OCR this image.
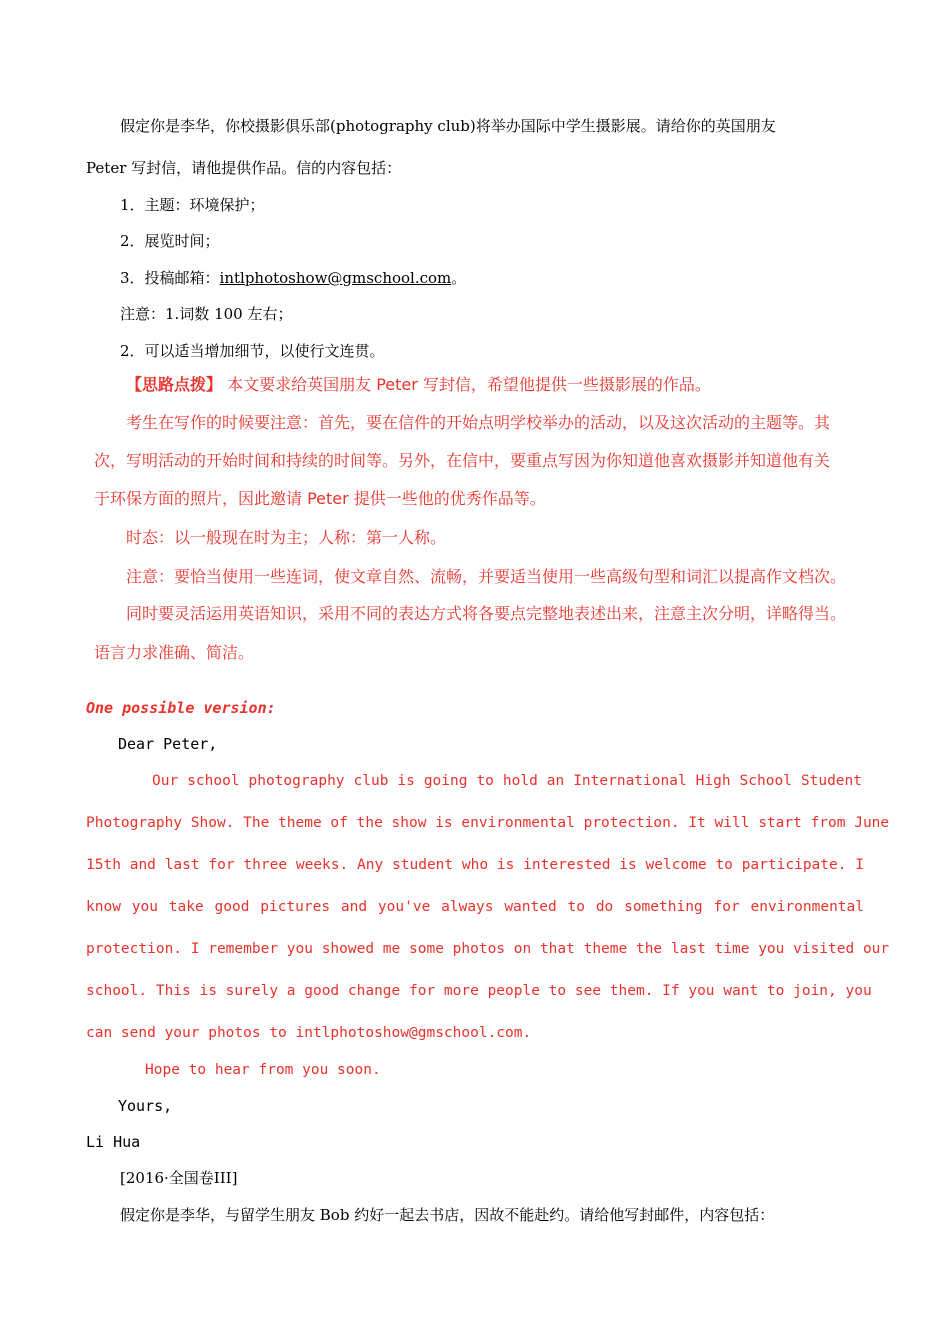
假定你是李华，你校摄影俱乐部(photography club)将举办国际中学生摄影展。请给你的英国朋友
Peter 写封信，请他提供作品。信的内容包括：
1．主题：环境保护；
2．展览时间；
3．投稿邮箱：intlphotoshow@gmschool.com。
注意：1.词数 100 左右；
2．可以适当增加细节，以使行文连贯。
【思路点拨】 本文要求给英国朋友 Peter 写封信，希望他提供一些摄影展的作品。
考生在写作的时候要注意：首先，要在信件的开始点明学校举办的活动，以及这次活动的主题等。其
次，写明活动的开始时间和持续的时间等。另外，在信中，要重点写因为你知道他喜欢摄影并知道他有关
于环保方面的照片，因此邀请 Peter 提供一些他的优秀作品等。
时态：以一般现在时为主；人称：第一人称。
注意：要恰当使用一些连词，使文章自然、流畅，并要适当使用一些高级句型和词汇以提高作文档次。
同时要灵活运用英语知识，采用不同的表达方式将各要点完整地表述出来，注意主次分明，详略得当。
语言力求准确、简洁。
One possible version:
Dear Peter,
Our school photography club is going to hold an International High School Student
Photography Show. The theme of the show is environmental protection. It will start from June
15th and last for three weeks. Any student who is interested is welcome to participate. I
know you take good pictures and you've always wanted to do something for environmental
protection. I remember you showed me some photos on that theme the last time you visited our
school. This is surely a good change for more people to see them. If you want to join, you
can send your photos to intlphotoshow@gmschool.com.
Hope to hear from you soon.
Yours,
Li Hua
[2016·全国卷III]
假定你是李华，与留学生朋友 Bob 约好一起去书店，因故不能赴约。请给他写封邮件，内容包括：
